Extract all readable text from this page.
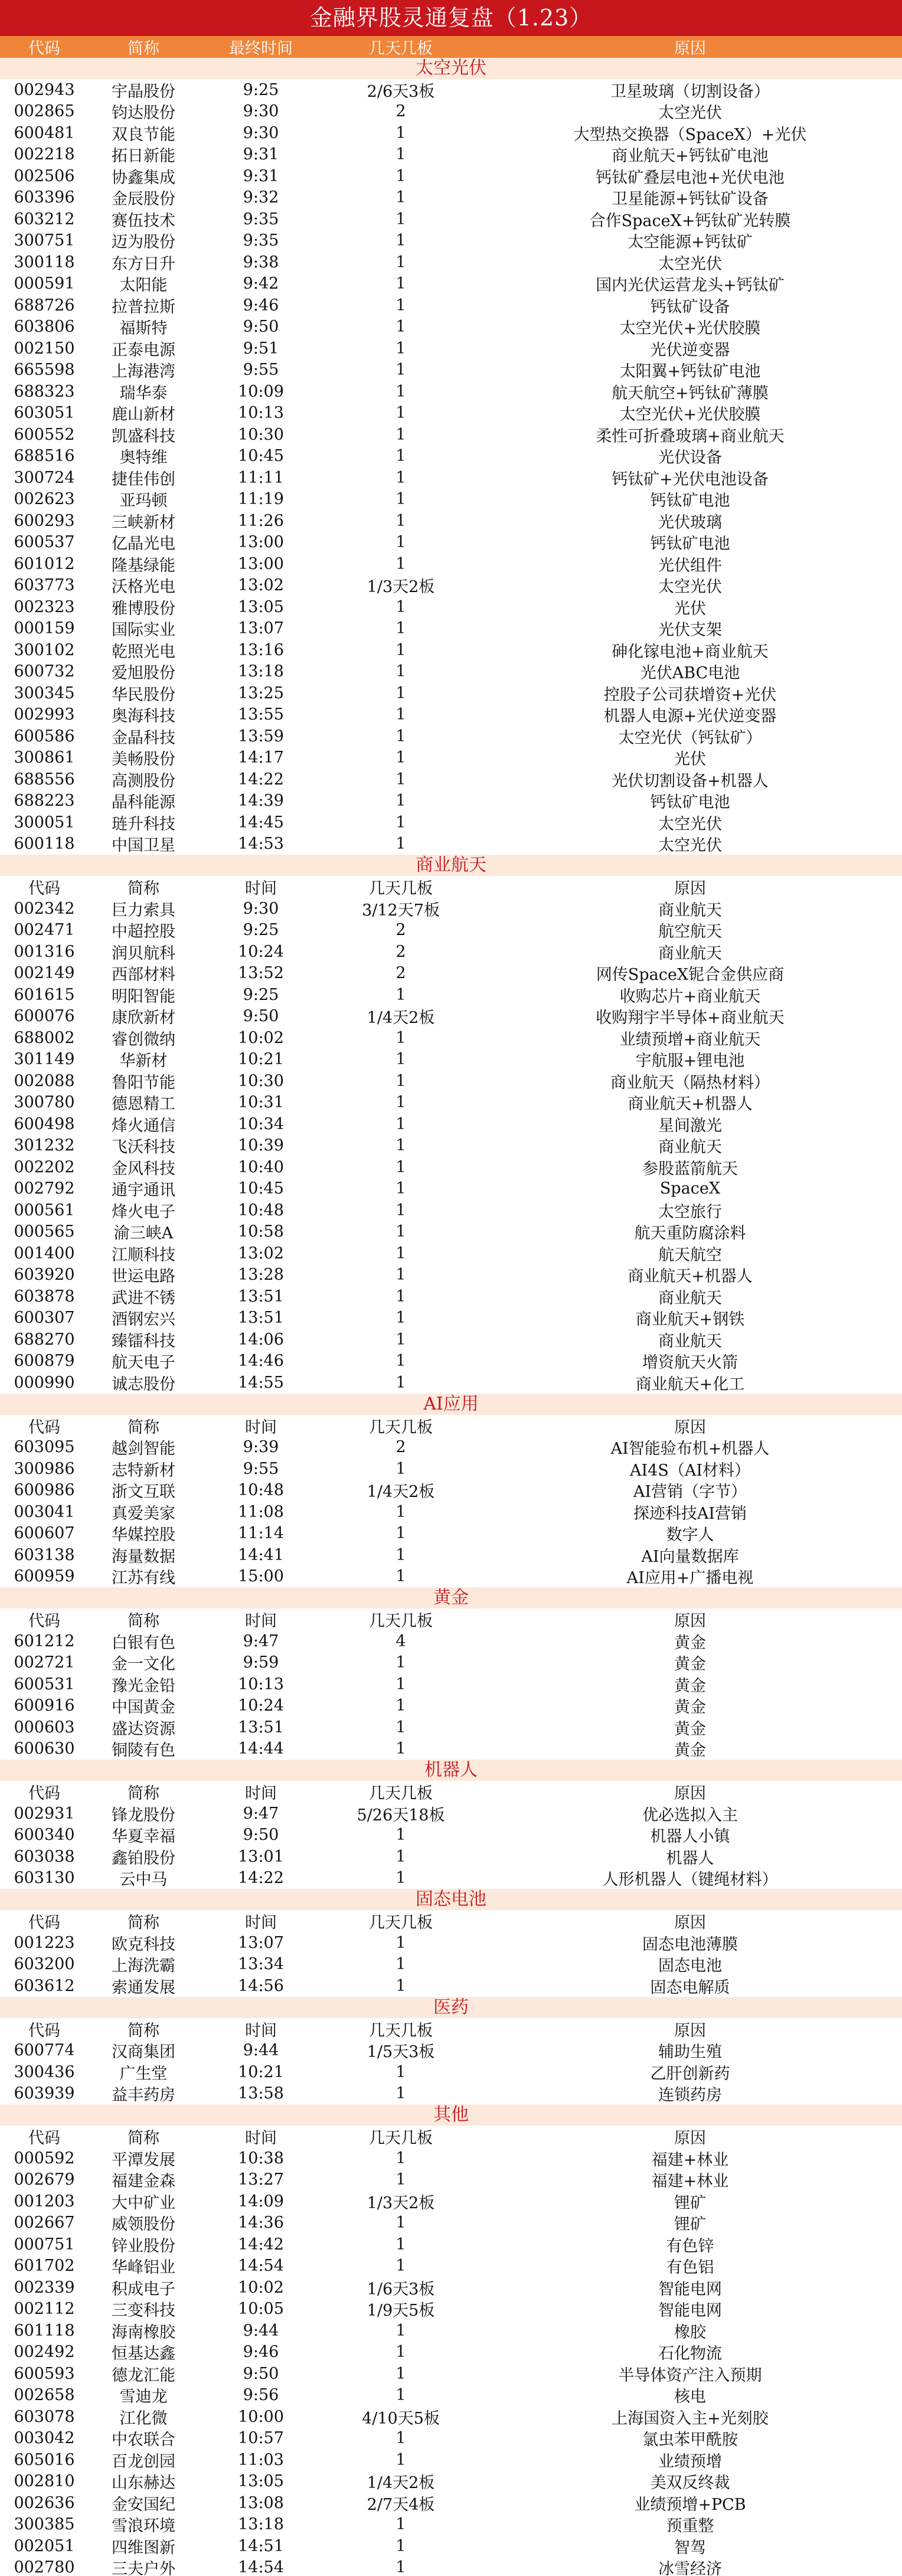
金融界股灵通复盘（1.23）
代码	简称	最终时间	几天几板	原因
太空光伏
002943	宇晶股份	9:25	2/6天3板	卫星玻璃（切割设备）
002865	钧达股份	9:30	2	太空光伏
600481	双良节能	9:30	1	大型热交换器（SpaceX）+光伏
002218	拓日新能	9:31	1	商业航天+钙钛矿电池
002506	协鑫集成	9:31	1	钙钛矿叠层电池+光伏电池
603396	金辰股份	9:32	1	卫星能源+钙钛矿设备
603212	赛伍技术	9:35	1	合作SpaceX+钙钛矿光转膜
300751	迈为股份	9:35	1	太空能源+钙钛矿
300118	东方日升	9:38	1	太空光伏
000591	太阳能	9:42	1	国内光伏运营龙头+钙钛矿
688726	拉普拉斯	9:46	1	钙钛矿设备
603806	福斯特	9:50	1	太空光伏+光伏胶膜
002150	正泰电源	9:51	1	光伏逆变器
665598	上海港湾	9:55	1	太阳翼+钙钛矿电池
688323	瑞华泰	10:09	1	航天航空+钙钛矿薄膜
603051	鹿山新材	10:13	1	太空光伏+光伏胶膜
600552	凯盛科技	10:30	1	柔性可折叠玻璃+商业航天
688516	奥特维	10:45	1	光伏设备
300724	捷佳伟创	11:11	1	钙钛矿+光伏电池设备
002623	亚玛顿	11:19	1	钙钛矿电池
600293	三峡新材	11:26	1	光伏玻璃
600537	亿晶光电	13:00	1	钙钛矿电池
601012	隆基绿能	13:00	1	光伏组件
603773	沃格光电	13:02	1/3天2板	太空光伏
002323	雅博股份	13:05	1	光伏
000159	国际实业	13:07	1	光伏支架
300102	乾照光电	13:16	1	砷化镓电池+商业航天
600732	爱旭股份	13:18	1	光伏ABC电池
300345	华民股份	13:25	1	控股子公司获增资+光伏
002993	奥海科技	13:55	1	机器人电源+光伏逆变器
600586	金晶科技	13:59	1	太空光伏（钙钛矿）
300861	美畅股份	14:17	1	光伏
688556	高测股份	14:22	1	光伏切割设备+机器人
688223	晶科能源	14:39	1	钙钛矿电池
300051	琏升科技	14:45	1	太空光伏
600118	中国卫星	14:53	1	太空光伏
商业航天
代码	简称	时间	几天几板	原因
002342	巨力索具	9:30	3/12天7板	商业航天
002471	中超控股	9:25	2	航空航天
001316	润贝航科	10:24	2	商业航天
002149	西部材料	13:52	2	网传SpaceX铌合金供应商
601615	明阳智能	9:25	1	收购芯片+商业航天
600076	康欣新材	9:50	1/4天2板	收购翔宇半导体+商业航天
688002	睿创微纳	10:02	1	业绩预增+商业航天
301149	华新材	10:21	1	宇航服+锂电池
002088	鲁阳节能	10:30	1	商业航天（隔热材料）
300780	德恩精工	10:31	1	商业航天+机器人
600498	烽火通信	10:34	1	星间激光
301232	飞沃科技	10:39	1	商业航天
002202	金风科技	10:40	1	参股蓝箭航天
002792	通宇通讯	10:45	1	SpaceX
000561	烽火电子	10:48	1	太空旅行
000565	渝三峡A	10:58	1	航天重防腐涂料
001400	江顺科技	13:02	1	航天航空
603920	世运电路	13:28	1	商业航天+机器人
603878	武进不锈	13:51	1	商业航天
600307	酒钢宏兴	13:51	1	商业航天+钢铁
688270	臻镭科技	14:06	1	商业航天
600879	航天电子	14:46	1	增资航天火箭
000990	诚志股份	14:55	1	商业航天+化工
AI应用
代码	简称	时间	几天几板	原因
603095	越剑智能	9:39	2	AI智能验布机+机器人
300986	志特新材	9:55	1	AI4S（AI材料）
600986	浙文互联	10:48	1/4天2板	AI营销（字节）
003041	真爱美家	11:08	1	探迹科技AI营销
600607	华媒控股	11:14	1	数字人
603138	海量数据	14:41	1	AI向量数据库
600959	江苏有线	15:00	1	AI应用+广播电视
黄金
代码	简称	时间	几天几板	原因
601212	白银有色	9:47	4	黄金
002721	金一文化	9:59	1	黄金
600531	豫光金铅	10:13	1	黄金
600916	中国黄金	10:24	1	黄金
000603	盛达资源	13:51	1	黄金
600630	铜陵有色	14:44	1	黄金
机器人
代码	简称	时间	几天几板	原因
002931	锋龙股份	9:47	5/26天18板	优必选拟入主
600340	华夏幸福	9:50	1	机器人小镇
603038	鑫铂股份	13:01	1	机器人
603130	云中马	14:22	1	人形机器人（键绳材料）
固态电池
代码	简称	时间	几天几板	原因
001223	欧克科技	13:07	1	固态电池薄膜
603200	上海洗霸	13:34	1	固态电池
603612	索通发展	14:56	1	固态电解质
医药
代码	简称	时间	几天几板	原因
600774	汉商集团	9:44	1/5天3板	辅助生殖
300436	广生堂	10:21	1	乙肝创新药
603939	益丰药房	13:58	1	连锁药房
其他
代码	简称	时间	几天几板	原因
000592	平潭发展	10:38	1	福建+林业
002679	福建金森	13:27	1	福建+林业
001203	大中矿业	14:09	1/3天2板	锂矿
002667	威领股份	14:36	1	锂矿
000751	锌业股份	14:42	1	有色锌
601702	华峰铝业	14:54	1	有色铝
002339	积成电子	10:02	1/6天3板	智能电网
002112	三变科技	10:05	1/9天5板	智能电网
601118	海南橡胶	9:44	1	橡胶
002492	恒基达鑫	9:46	1	石化物流
600593	德龙汇能	9:50	1	半导体资产注入预期
002658	雪迪龙	9:56	1	核电
603078	江化微	10:00	4/10天5板	上海国资入主+光刻胶
003042	中农联合	10:57	1	氯虫苯甲酰胺
605016	百龙创园	11:03	1	业绩预增
002810	山东赫达	13:05	1/4天2板	美双反终裁
002636	金安国纪	13:08	2/7天4板	业绩预增+PCB
300385	雪浪环境	13:18	1	预重整
002051	四维图新	14:51	1	智驾
002780	三夫户外	14:54	1	冰雪经济
